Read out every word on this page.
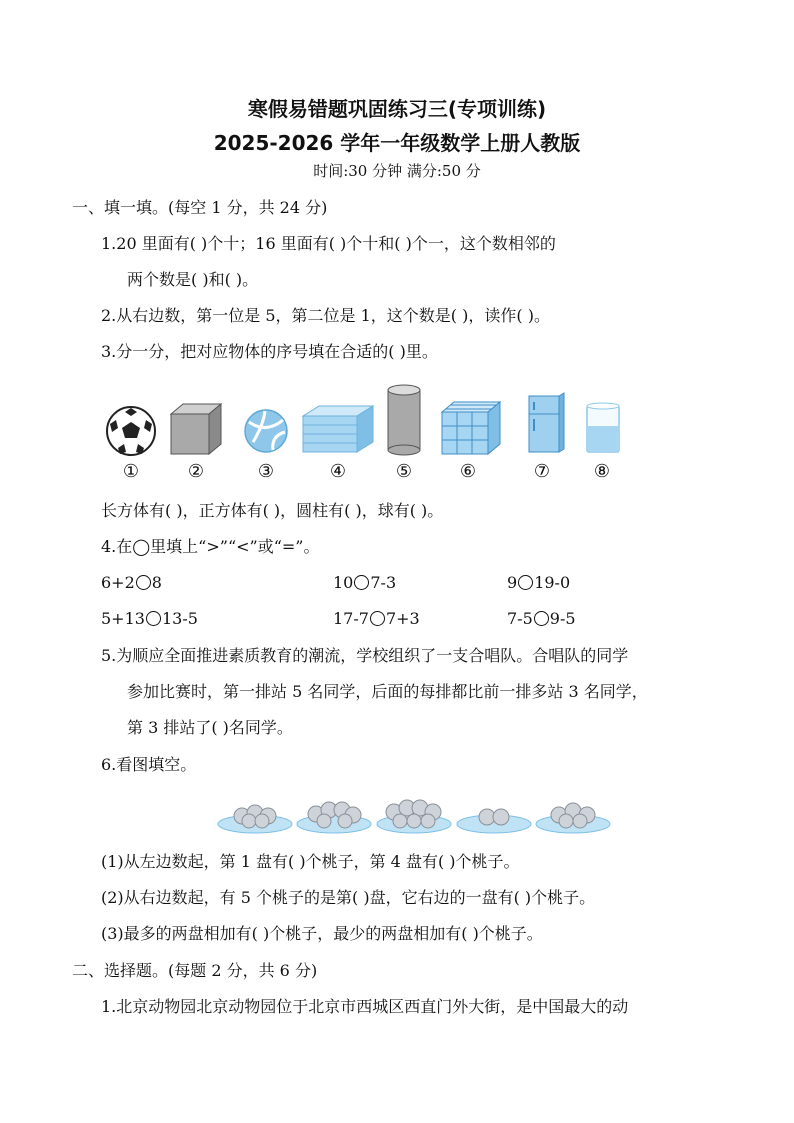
寒假易错题巩固练习三(专项训练)
2025-2026 学年一年级数学上册人教版
时间:30 分钟 满分:50 分
一、填一填。(每空 1 分，共 24 分)
1.20 里面有( )个十；16 里面有( )个十和( )个一，这个数相邻的
两个数是( )和( )。
2.从右边数，第一位是 5，第二位是 1，这个数是( )，读作( )。
3.分一分，把对应物体的序号填在合适的( )里。
①	②	③	④	⑤	⑥	⑦	⑧
长方体有( )，正方体有( )，圆柱有( )，球有( )。
4.在◯里填上“>”“<”或“=”。
6+2 8	10 7-3	9 19-0
5+13 13-5	17-7 7+3	7-5 9-5
5.为顺应全面推进素质教育的潮流，学校组织了一支合唱队。合唱队的同学
参加比赛时，第一排站 5 名同学，后面的每排都比前一排多站 3 名同学，
第 3 排站了( )名同学。
6.看图填空。
(1)从左边数起，第 1 盘有( )个桃子，第 4 盘有( )个桃子。
(2)从右边数起，有 5 个桃子的是第( )盘，它右边的一盘有( )个桃子。
(3)最多的两盘相加有( )个桃子，最少的两盘相加有( )个桃子。
二、选择题。(每题 2 分，共 6 分)
1.北京动物园北京动物园位于北京市西城区西直门外大街，是中国最大的动
